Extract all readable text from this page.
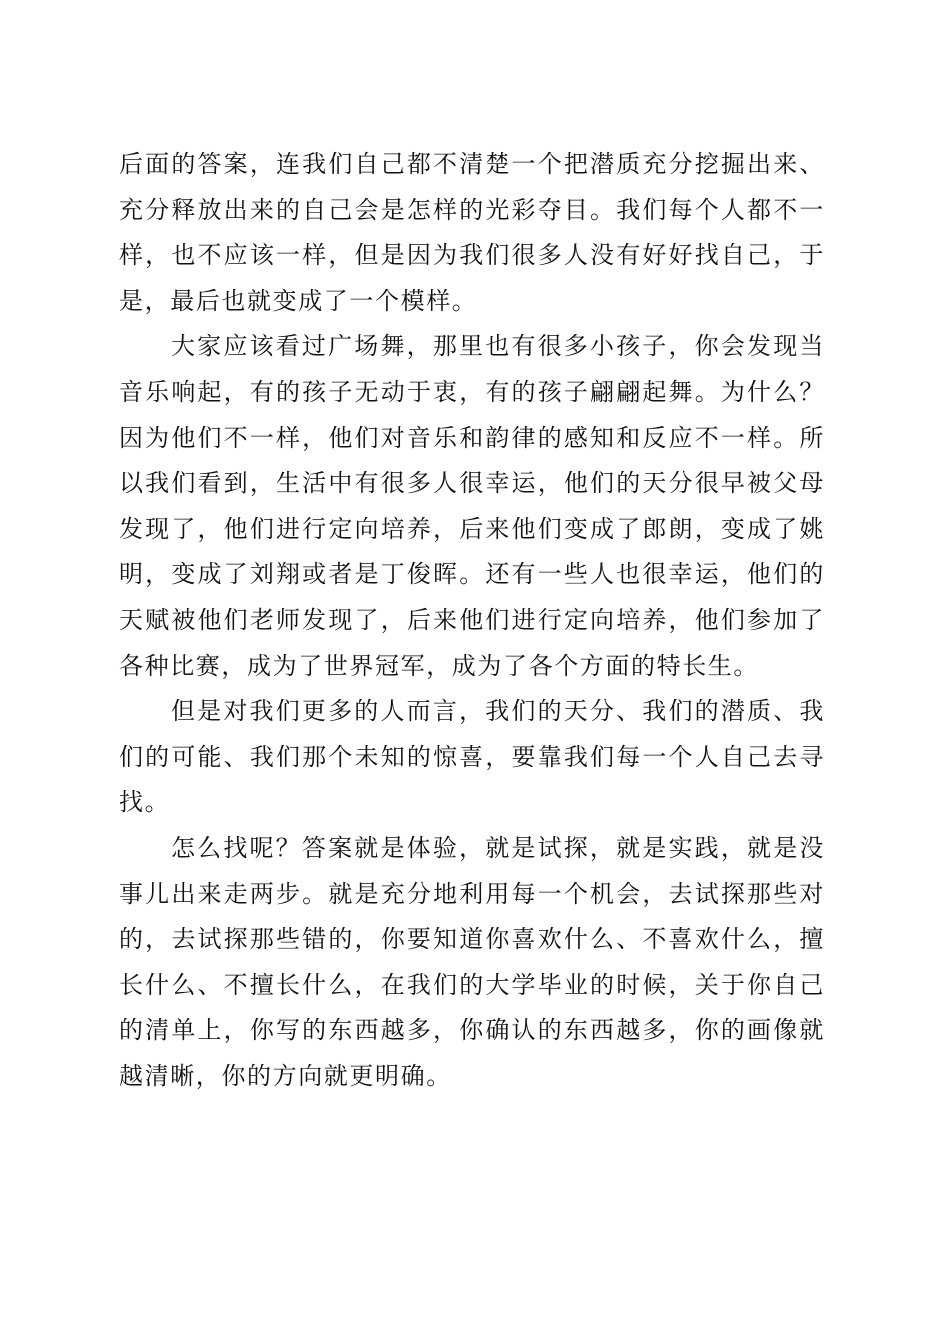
后面的答案，连我们自己都不清楚一个把潜质充分挖掘出来、充分释放出来的自己会是怎样的光彩夺目。我们每个人都不一样，也不应该一样，但是因为我们很多人没有好好找自己，于是，最后也就变成了一个模样。

大家应该看过广场舞，那里也有很多小孩子，你会发现当音乐响起，有的孩子无动于衷，有的孩子翩翩起舞。为什么？因为他们不一样，他们对音乐和韵律的感知和反应不一样。所以我们看到，生活中有很多人很幸运，他们的天分很早被父母发现了，他们进行定向培养，后来他们变成了郎朗，变成了姚明，变成了刘翔或者是丁俊晖。还有一些人也很幸运，他们的天赋被他们老师发现了，后来他们进行定向培养，他们参加了各种比赛，成为了世界冠军，成为了各个方面的特长生。

但是对我们更多的人而言，我们的天分、我们的潜质、我们的可能、我们那个未知的惊喜，要靠我们每一个人自己去寻找。

怎么找呢？答案就是体验，就是试探，就是实践，就是没事儿出来走两步。就是充分地利用每一个机会，去试探那些对的，去试探那些错的，你要知道你喜欢什么、不喜欢什么，擅长什么、不擅长什么，在我们的大学毕业的时候，关于你自己的清单上，你写的东西越多，你确认的东西越多，你的画像就越清晰，你的方向就更明确。
